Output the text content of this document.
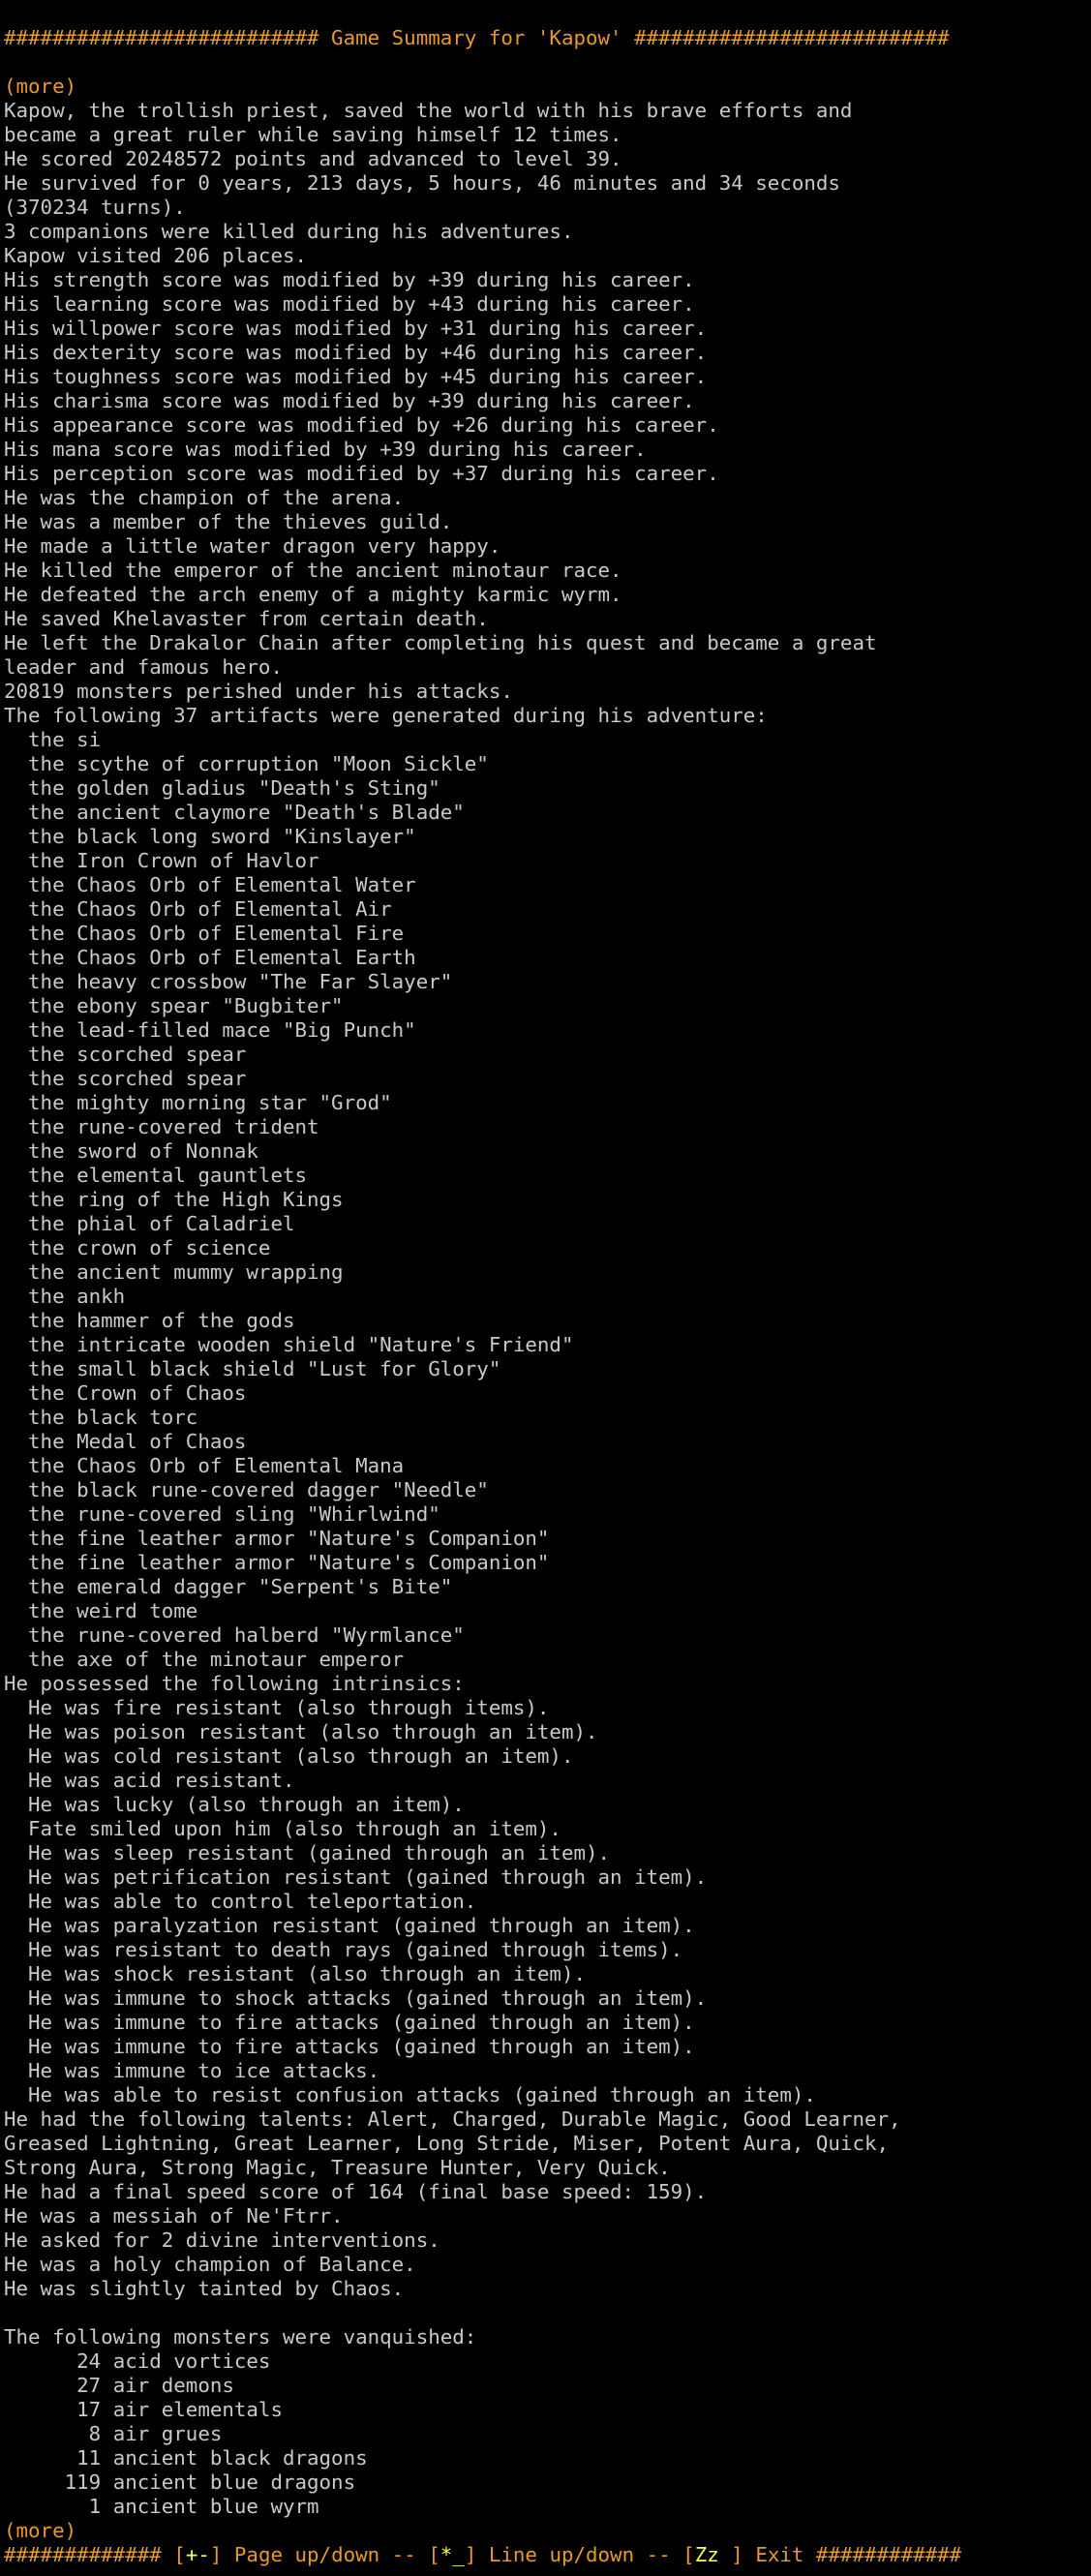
########################## Game Summary for 'Kapow' ##########################
(more)
Kapow, the trollish priest, saved the world with his brave efforts and
became a great ruler while saving himself 12 times.
He scored 20248572 points and advanced to level 39.
He survived for 0 years, 213 days, 5 hours, 46 minutes and 34 seconds
(370234 turns).
3 companions were killed during his adventures.
Kapow visited 206 places.
His strength score was modified by +39 during his career.
His learning score was modified by +43 during his career.
His willpower score was modified by +31 during his career.
His dexterity score was modified by +46 during his career.
His toughness score was modified by +45 during his career.
His charisma score was modified by +39 during his career.
His appearance score was modified by +26 during his career.
His mana score was modified by +39 during his career.
His perception score was modified by +37 during his career.
He was the champion of the arena.
He was a member of the thieves guild.
He made a little water dragon very happy.
He killed the emperor of the ancient minotaur race.
He defeated the arch enemy of a mighty karmic wyrm.
He saved Khelavaster from certain death.
He left the Drakalor Chain after completing his quest and became a great
leader and famous hero.
20819 monsters perished under his attacks.
The following 37 artifacts were generated during his adventure:
the si
the scythe of corruption "Moon Sickle"
the golden gladius "Death's Sting"
the ancient claymore "Death's Blade"
the black long sword "Kinslayer"
the Iron Crown of Havlor
the Chaos Orb of Elemental Water
the Chaos Orb of Elemental Air
the Chaos Orb of Elemental Fire
the Chaos Orb of Elemental Earth
the heavy crossbow "The Far Slayer"
the ebony spear "Bugbiter"
the lead-filled mace "Big Punch"
the scorched spear
the scorched spear
the mighty morning star "Grod"
the rune-covered trident
the sword of Nonnak
the elemental gauntlets
the ring of the High Kings
the phial of Caladriel
the crown of science
the ancient mummy wrapping
the ankh
the hammer of the gods
the intricate wooden shield "Nature's Friend"
the small black shield "Lust for Glory"
the Crown of Chaos
the black torc
the Medal of Chaos
the Chaos Orb of Elemental Mana
the black rune-covered dagger "Needle"
the rune-covered sling "Whirlwind"
the fine leather armor "Nature's Companion"
the fine leather armor "Nature's Companion"
the emerald dagger "Serpent's Bite"
the weird tome
the rune-covered halberd "Wyrmlance"
the axe of the minotaur emperor
He possessed the following intrinsics:
He was fire resistant (also through items).
He was poison resistant (also through an item).
He was cold resistant (also through an item).
He was acid resistant.
He was lucky (also through an item).
Fate smiled upon him (also through an item).
He was sleep resistant (gained through an item).
He was petrification resistant (gained through an item).
He was able to control teleportation.
He was paralyzation resistant (gained through an item).
He was resistant to death rays (gained through items).
He was shock resistant (also through an item).
He was immune to shock attacks (gained through an item).
He was immune to fire attacks (gained through an item).
He was immune to fire attacks (gained through an item).
He was immune to ice attacks.
He was able to resist confusion attacks (gained through an item).
He had the following talents: Alert, Charged, Durable Magic, Good Learner,
Greased Lightning, Great Learner, Long Stride, Miser, Potent Aura, Quick,
Strong Aura, Strong Magic, Treasure Hunter, Very Quick.
He had a final speed score of 164 (final base speed: 159).
He was a messiah of Ne'Ftrr.
He asked for 2 divine interventions.
He was a holy champion of Balance.
He was slightly tainted by Chaos.
The following monsters were vanquished:
24 acid vortices
27 air demons
17 air elementals
8 air grues
11 ancient black dragons
119 ancient blue dragons
1 ancient blue wyrm
(more)
############# [+-] Page up/down -- [*_] Line up/down -- [Zz ] Exit ############
